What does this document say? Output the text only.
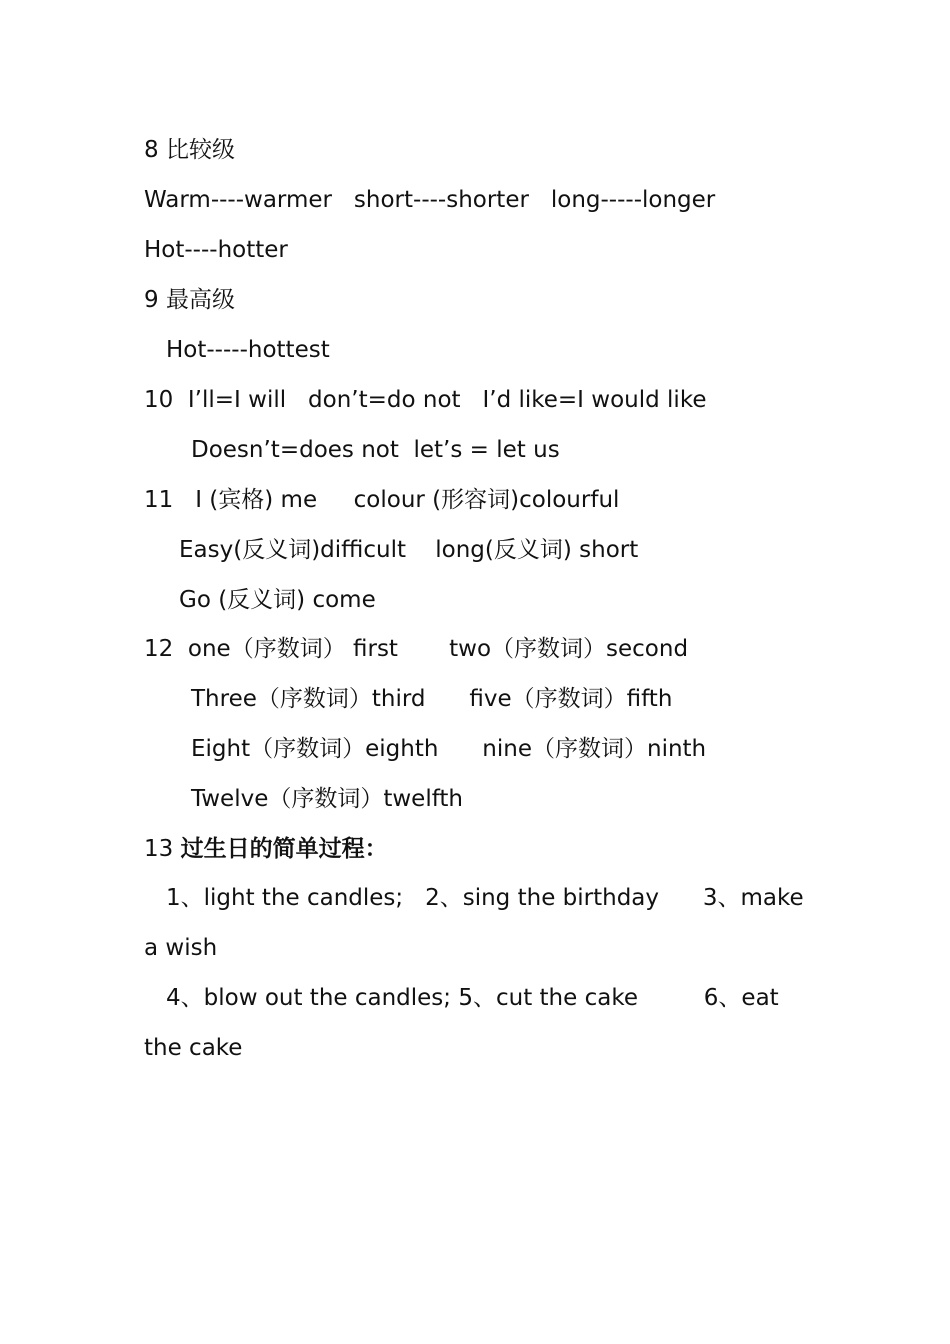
8 比较级
Warm----warmer   short----shorter   long-----longer
Hot----hotter
9 最高级
Hot-----hottest
10  I’ll=I will   don’t=do not   I’d like=I would like
Doesn’t=does not  let’s = let us
11   I (宾格) me     colour (形容词)colourful
Easy(反义词)difficult    long(反义词) short
Go (反义词) come
12  one（序数词） first       two（序数词）second
Three（序数词）third      five（序数词）fifth
Eight（序数词）eighth      nine（序数词）ninth
Twelve（序数词）twelfth
13 过生日的简单过程：
1、light the candles;   2、sing the birthday      3、make
a wish
4、blow out the candles; 5、cut the cake         6、eat
the cake
